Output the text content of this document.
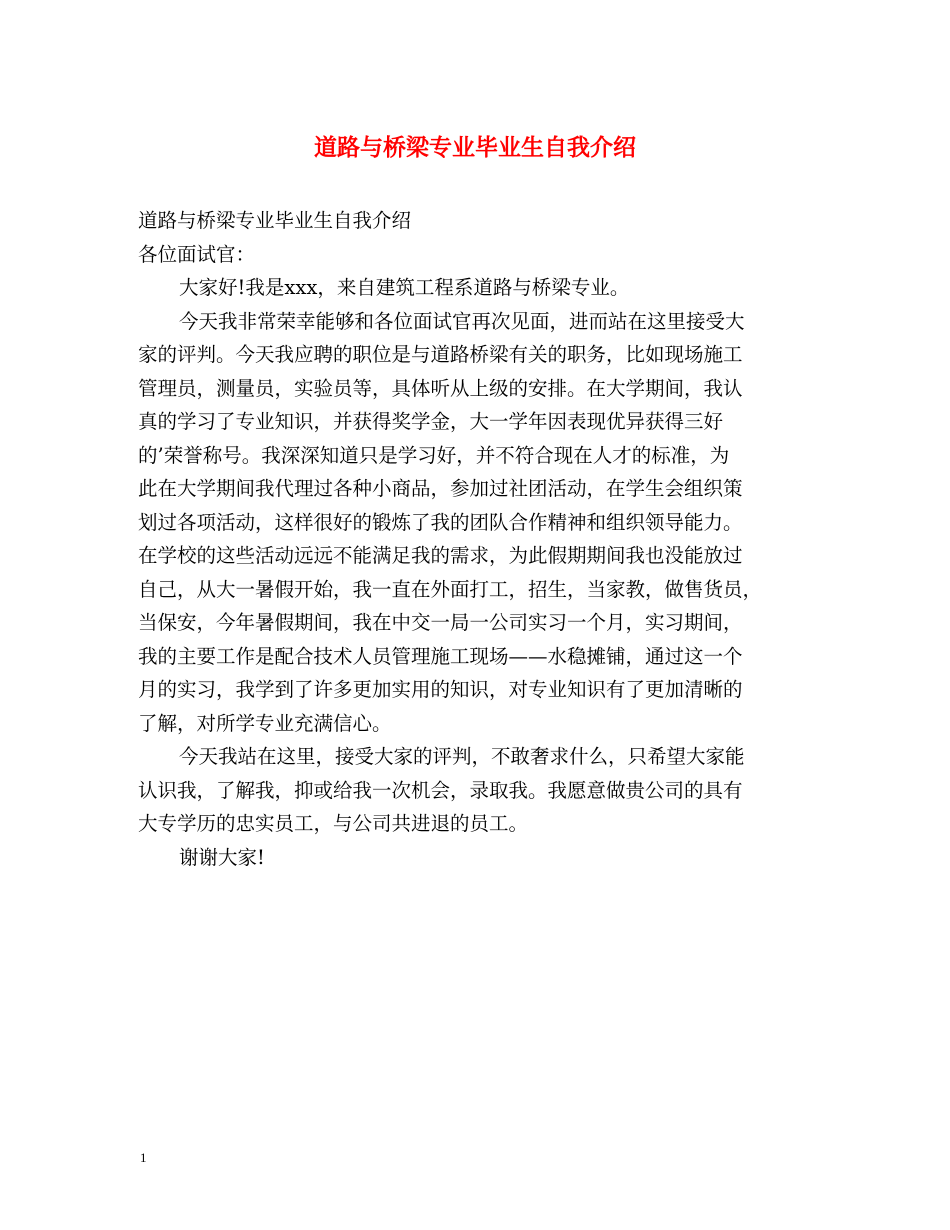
道路与桥梁专业毕业生自我介绍
道路与桥梁专业毕业生自我介绍
各位面试官：
大家好!我是xxx，来自建筑工程系道路与桥梁专业。
今天我非常荣幸能够和各位面试官再次见面，进而站在这里接受大
家的评判。今天我应聘的职位是与道路桥梁有关的职务，比如现场施工
管理员，测量员，实验员等，具体听从上级的安排。在大学期间，我认
真的学习了专业知识，并获得奖学金，大一学年因表现优异获得三好
的’荣誉称号。我深深知道只是学习好，并不符合现在人才的标准，为
此在大学期间我代理过各种小商品，参加过社团活动，在学生会组织策
划过各项活动，这样很好的锻炼了我的团队合作精神和组织领导能力。
在学校的这些活动远远不能满足我的需求，为此假期期间我也没能放过
自己，从大一暑假开始，我一直在外面打工，招生，当家教，做售货员，
当保安，今年暑假期间，我在中交一局一公司实习一个月，实习期间，
我的主要工作是配合技术人员管理施工现场——水稳摊铺，通过这一个
月的实习，我学到了许多更加实用的知识，对专业知识有了更加清晰的
了解，对所学专业充满信心。
今天我站在这里，接受大家的评判，不敢奢求什么，只希望大家能
认识我，了解我，抑或给我一次机会，录取我。我愿意做贵公司的具有
大专学历的忠实员工，与公司共进退的员工。
谢谢大家!
1
